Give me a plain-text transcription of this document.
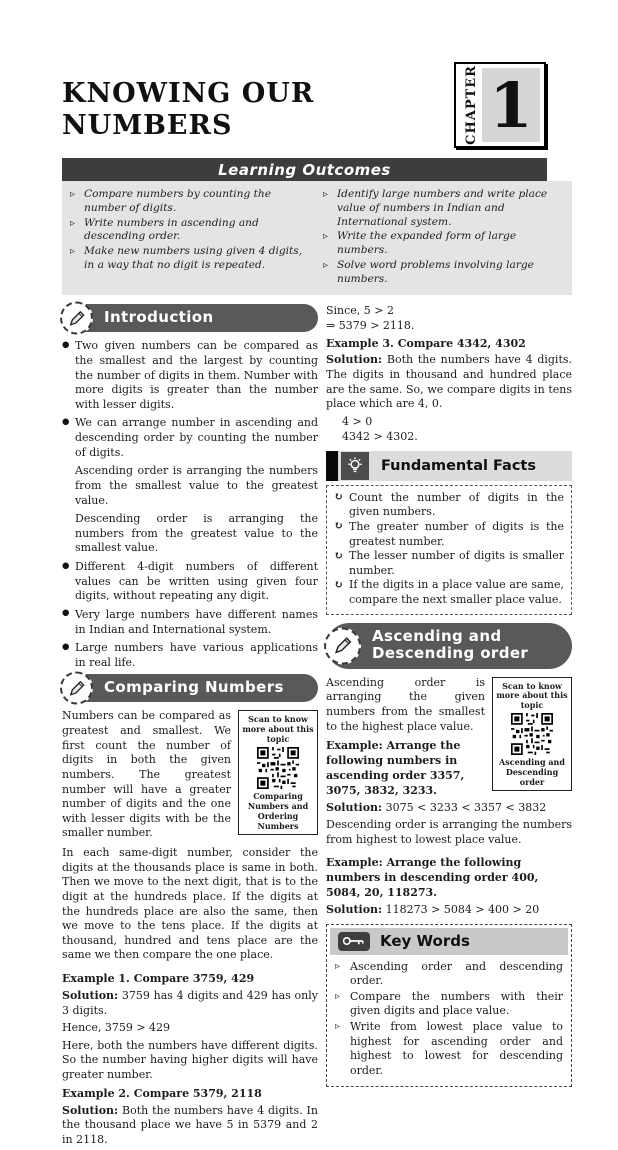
KNOWING OUR
NUMBERS	CHAPTER 1
Learning Outcomes
▹ Compare numbers by counting the number of digits.
▹ Write numbers in ascending and descending order.
▹ Make new numbers using given 4 digits, in a way that no digit is repeated.
▹ Identify large numbers and write place value of numbers in Indian and International system.
▹ Write the expanded form of large numbers.
▹ Solve word problems involving large numbers.
Introduction
● Two given numbers can be compared as the smallest and the largest by counting the number of digits in them. Number with more digits is greater than the number with lesser digits.
● We can arrange number in ascending and descending order by counting the number of digits.
Ascending order is arranging the numbers from the smallest value to the greatest value.
Descending order is arranging the numbers from the greatest value to the smallest value.
● Different 4-digit numbers of different values can be written using given four digits, without repeating any digit.
● Very large numbers have different names in Indian and International system.
● Large numbers have various applications in real life.
Comparing Numbers
Scan to know more about this topic
Comparing Numbers and Ordering Numbers

Numbers can be compared as greatest and smallest. We first count the number of digits in both the given numbers. The greatest number will have a greater number of digits and the one with lesser digits with be the smaller number.

In each same-digit number, consider the digits at the thousands place is same in both. Then we move to the next digit, that is to the digit at the hundreds place. If the digits at the hundreds place are also the same, then we move to the tens place. If the digits at thousand, hundred and tens place are the same we then compare the one place.

Example 1. Compare 3759, 429

Solution: 3759 has 4 digits and 429 has only 3 digits.

Hence, 3759 > 429

Here, both the numbers have different digits. So the number having higher digits will have greater number.

Example 2. Compare 5379, 2118

Solution: Both the numbers have 4 digits. In the thousand place we have 5 in 5379 and 2 in 2118.

Since, 5 > 2

⇒ 5379 > 2118.

Example 3. Compare 4342, 4302

Solution: Both the numbers have 4 digits. The digits in thousand and hundred place are the same. So, we compare digits in tens place which are 4, 0.

4 > 0

4342 > 4302.

Fundamental Facts
↻ Count the number of digits in the given numbers.
↻ The greater number of digits is the greatest number.
↻ The lesser number of digits is smaller number.
↻ If the digits in a place value are same, compare the next smaller place value.
Ascending and
Descending order
Scan to know more about this topic
Ascending and Descending order

Ascending order is arranging the given numbers from the smallest to the highest place value.

Example: Arrange the following numbers in ascending order 3357, 3075, 3832, 3233.

Solution: 3075 < 3233 < 3357 < 3832

Descending order is arranging the numbers from highest to lowest place value.

Example: Arrange the following numbers in descending order 400, 5084, 20, 118273.

Solution: 118273 > 5084 > 400 > 20

Key Words
▹ Ascending order and descending order.
▹ Compare the numbers with their given digits and place value.
▹ Write from lowest place value to highest for ascending order and highest to lowest for descending order.
